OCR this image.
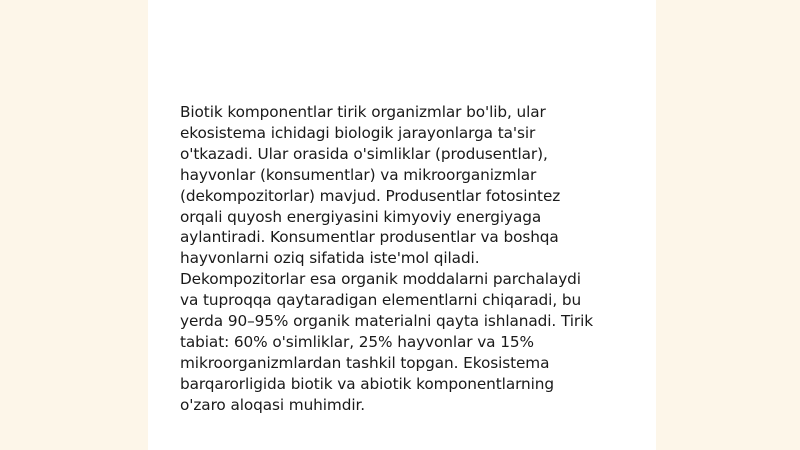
Biotik komponentlar tirik organizmlar bo'lib, ular
ekosistema ichidagi biologik jarayonlarga ta'sir
o'tkazadi. Ular orasida o'simliklar (produsentlar),
hayvonlar (konsumentlar) va mikroorganizmlar
(dekompozitorlar) mavjud. Produsentlar fotosintez
orqali quyosh energiyasini kimyoviy energiyaga
aylantiradi. Konsumentlar produsentlar va boshqa
hayvonlarni oziq sifatida iste'mol qiladi.
Dekompozitorlar esa organik moddalarni parchalaydi
va tuproqqa qaytaradigan elementlarni chiqaradi, bu
yerda 90–95% organik materialni qayta ishlanadi. Tirik
tabiat: 60% o'simliklar, 25% hayvonlar va 15%
mikroorganizmlardan tashkil topgan. Ekosistema
barqarorligida biotik va abiotik komponentlarning
o'zaro aloqasi muhimdir.
